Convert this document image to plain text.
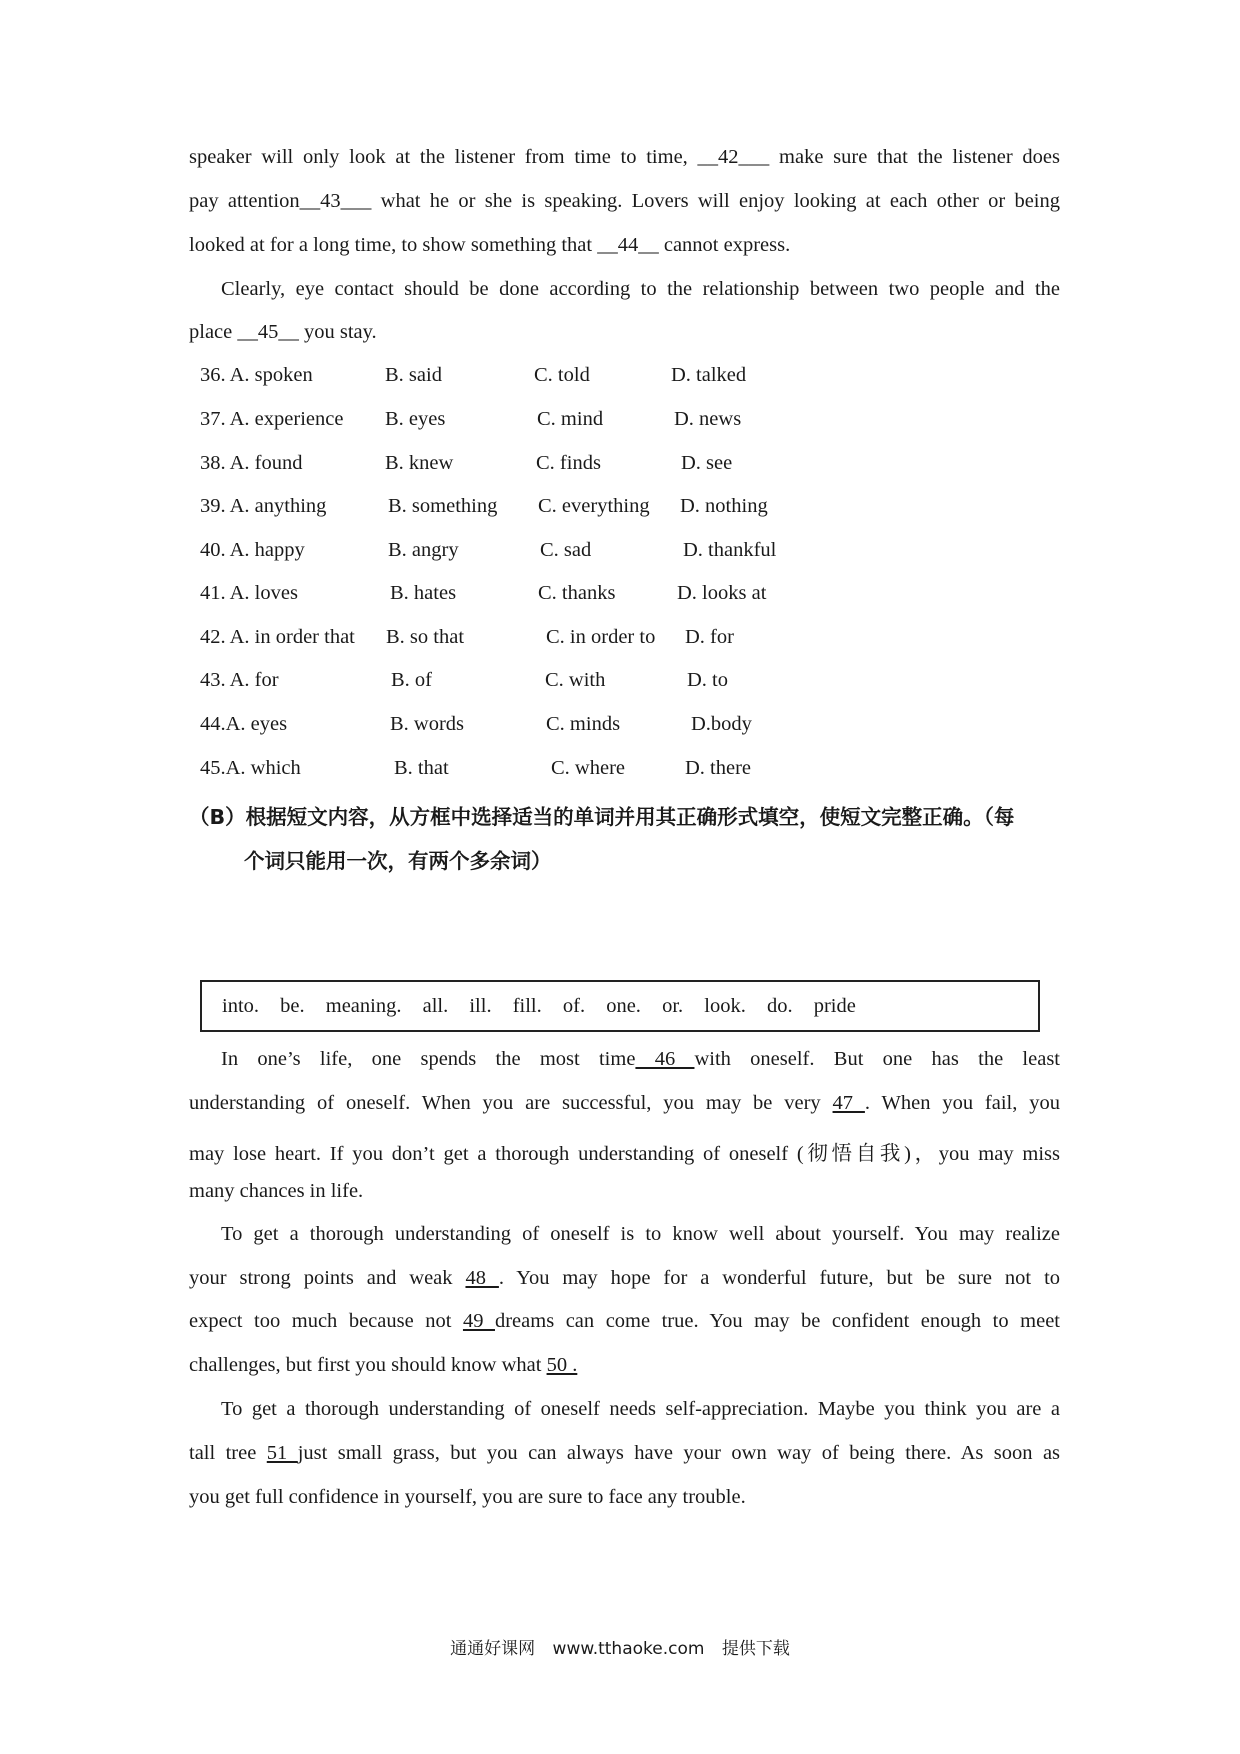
speaker will only look at the listener from time to time, __42___ make sure that the listener does
pay attention__43___ what he or she is speaking. Lovers will enjoy looking at each other or being
looked at for a long time, to show something that __44__ cannot express.
Clearly, eye contact should be done according to the relationship between two people and the
place __45__ you stay.
36. A. spoken	B. said	C. told	D. talked
37. A. experience B. eyes	C. mind	D. news
38. A. found	B. knew	C. finds	D. see
39. A. anything	B. something C. everything D. nothing
40. A. happy	B. angry	C. sad	D. thankful
41. A. loves	B. hates	C. thanks	D. looks at
42. A. in order that B. so that	C. in order to D. for
43. A. for	B. of	C. with	D. to
44.A. eyes	B. words	C. minds	D.body
45.A. which	B. that	C. where	D. there
（B）根据短文内容，从方框中选择适当的单词并用其正确形式填空，使短文完整正确。（每
个词只能用一次，有两个多余词）
into. be. meaning. all. ill. fill. of. one. or. look. do. pride
In one’s life, one spends the most time 46 with oneself. But one has the least
understanding of oneself. When you are successful, you may be very 47 . When you fail, you
may lose heart. If you don’t get a thorough understanding of oneself (彻悟自我)，you may miss
many chances in life.
To get a thorough understanding of oneself is to know well about yourself. You may realize
your strong points and weak 48 . You may hope for a wonderful future, but be sure not to
expect too much because not 49 dreams can come true. You may be confident enough to meet
challenges, but first you should know what 50 .
To get a thorough understanding of oneself needs self-appreciation. Maybe you think you are a
tall tree 51 just small grass, but you can always have your own way of being there. As soon as
you get full confidence in yourself, you are sure to face any trouble.
通通好课网 www.tthaoke.com 提供下载
